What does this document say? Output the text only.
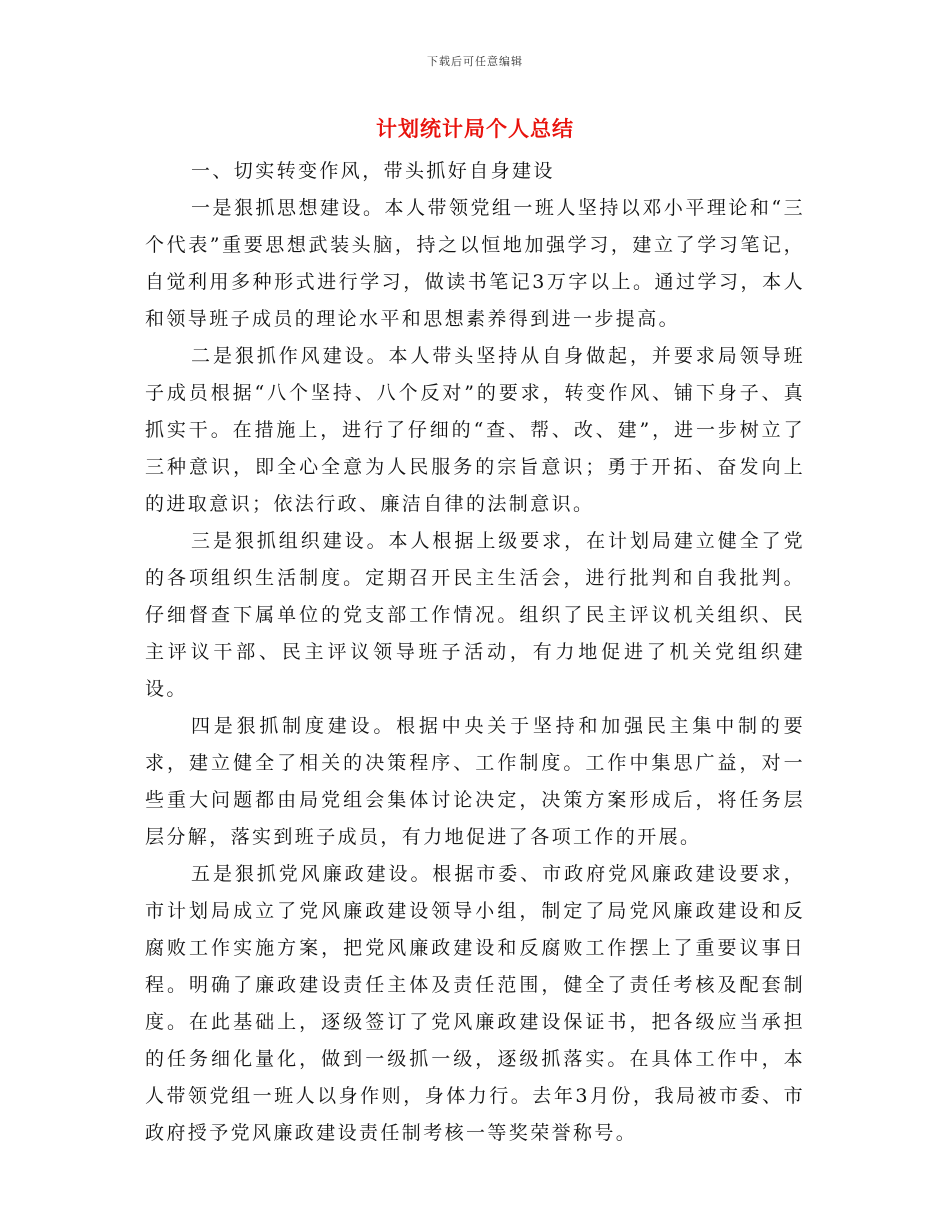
下载后可任意编辑
计划统计局个人总结

一、切实转变作风，带头抓好自身建设

一是狠抓思想建设。本人带领党组一班人坚持以邓小平理论和“三个代表”重要思想武装头脑，持之以恒地加强学习，建立了学习笔记，自觉利用多种形式进行学习，做读书笔记3万字以上。通过学习，本人和领导班子成员的理论水平和思想素养得到进一步提高。

二是狠抓作风建设。本人带头坚持从自身做起，并要求局领导班子成员根据“八个坚持、八个反对”的要求，转变作风、铺下身子、真抓实干。在措施上，进行了仔细的“查、帮、改、建”，进一步树立了三种意识，即全心全意为人民服务的宗旨意识；勇于开拓、奋发向上的进取意识；依法行政、廉洁自律的法制意识。

三是狠抓组织建设。本人根据上级要求，在计划局建立健全了党的各项组织生活制度。定期召开民主生活会，进行批判和自我批判。仔细督查下属单位的党支部工作情况。组织了民主评议机关组织、民主评议干部、民主评议领导班子活动，有力地促进了机关党组织建设。

四是狠抓制度建设。根据中央关于坚持和加强民主集中制的要求，建立健全了相关的决策程序、工作制度。工作中集思广益，对一些重大问题都由局党组会集体讨论决定，决策方案形成后，将任务层层分解，落实到班子成员，有力地促进了各项工作的开展。

五是狠抓党风廉政建设。根据市委、市政府党风廉政建设要求，市计划局成立了党风廉政建设领导小组，制定了局党风廉政建设和反腐败工作实施方案，把党风廉政建设和反腐败工作摆上了重要议事日程。明确了廉政建设责任主体及责任范围，健全了责任考核及配套制度。在此基础上，逐级签订了党风廉政建设保证书，把各级应当承担的任务细化量化，做到一级抓一级，逐级抓落实。在具体工作中，本人带领党组一班人以身作则，身体力行。去年3月份，我局被市委、市政府授予党风廉政建设责任制考核一等奖荣誉称号。
